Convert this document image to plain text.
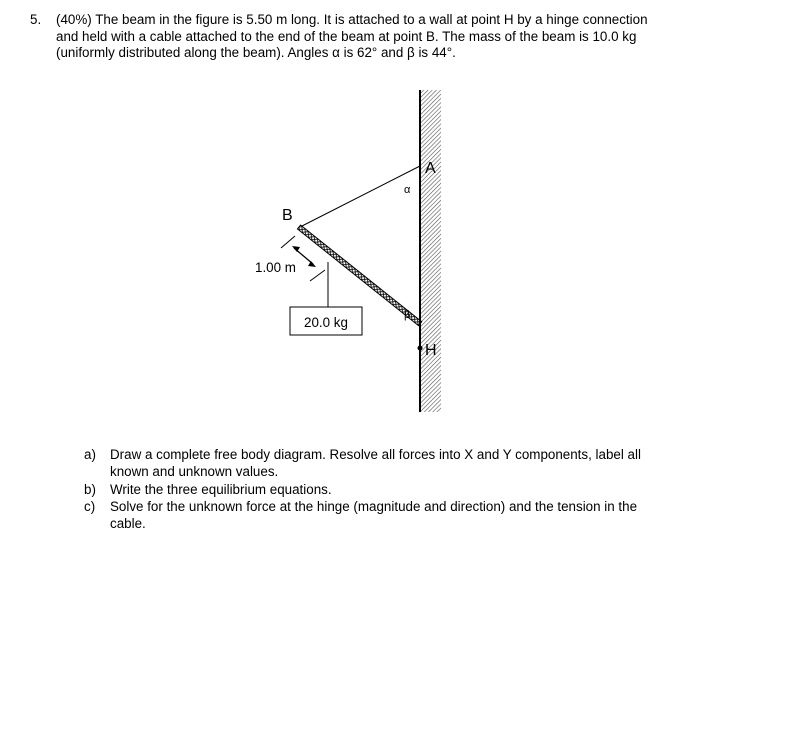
5. (40%) The beam in the figure is 5.50 m long. It is attached to a wall at point H by a hinge connection
and held with a cable attached to the end of the beam at point B. The mass of the beam is 10.0 kg
(uniformly distributed along the beam). Angles α is 62° and β is 44°.
20.0 kg
1.00 m
B
A
H
α
β
a) Draw a complete free body diagram. Resolve all forces into X and Y components, label all
known and unknown values.
b) Write the three equilibrium equations.
c) Solve for the unknown force at the hinge (magnitude and direction) and the tension in the
cable.
